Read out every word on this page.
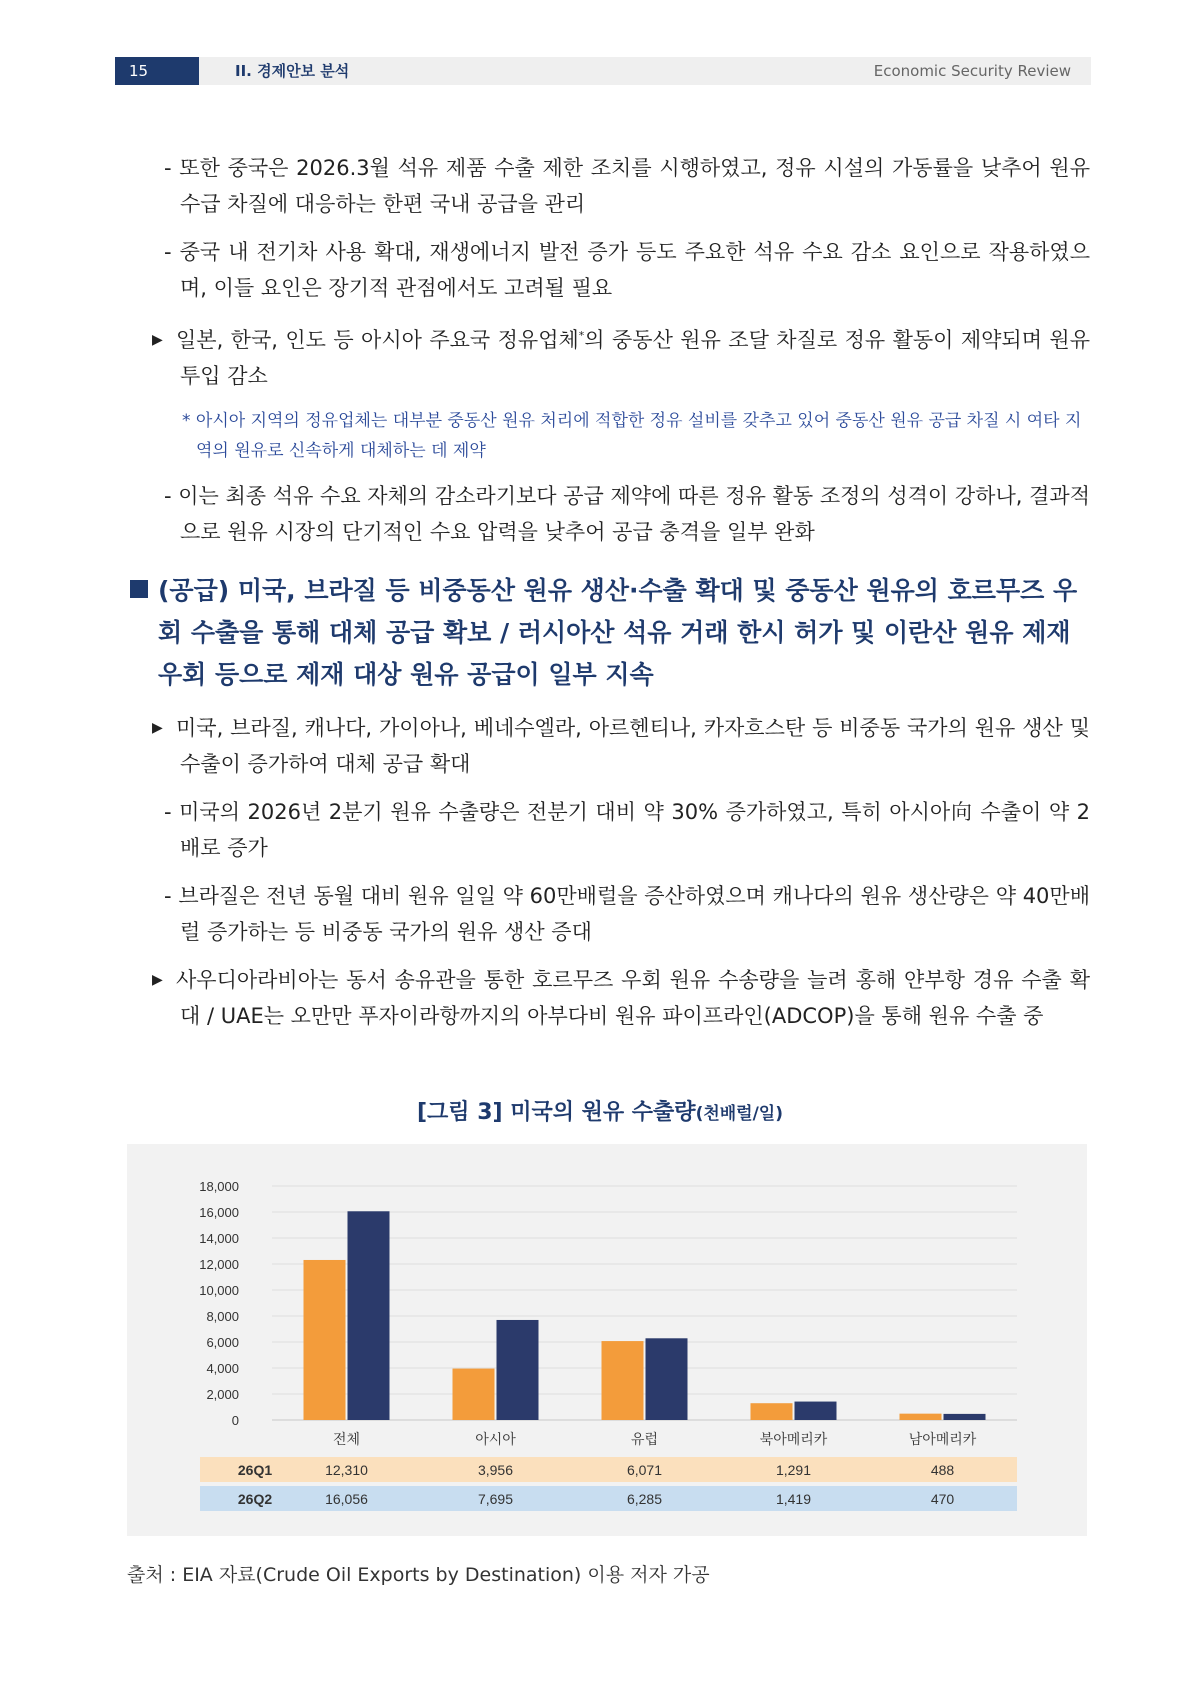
15	II. 경제안보 분석	Economic Security Review
- 또한 중국은 2026.3월 석유 제품 수출 제한 조치를 시행하였고, 정유 시설의 가동률을 낮추어 원유 수급 차질에 대응하는 한편 국내 공급을 관리
- 중국 내 전기차 사용 확대, 재생에너지 발전 증가 등도 주요한 석유 수요 감소 요인으로 작용하였으며, 이들 요인은 장기적 관점에서도 고려될 필요
▶ 일본, 한국, 인도 등 아시아 주요국 정유업체*의 중동산 원유 조달 차질로 정유 활동이 제약되며 원유 투입 감소
* 아시아 지역의 정유업체는 대부분 중동산 원유 처리에 적합한 정유 설비를 갖추고 있어 중동산 원유 공급 차질 시 여타 지역의 원유로 신속하게 대체하는 데 제약
- 이는 최종 석유 수요 자체의 감소라기보다 공급 제약에 따른 정유 활동 조정의 성격이 강하나, 결과적으로 원유 시장의 단기적인 수요 압력을 낮추어 공급 충격을 일부 완화
(공급) 미국, 브라질 등 비중동산 원유 생산·수출 확대 및 중동산 원유의 호르무즈 우회 수출을 통해 대체 공급 확보 / 러시아산 석유 거래 한시 허가 및 이란산 원유 제재 우회 등으로 제재 대상 원유 공급이 일부 지속
▶ 미국, 브라질, 캐나다, 가이아나, 베네수엘라, 아르헨티나, 카자흐스탄 등 비중동 국가의 원유 생산 및 수출이 증가하여 대체 공급 확대
- 미국의 2026년 2분기 원유 수출량은 전분기 대비 약 30% 증가하였고, 특히 아시아向 수출이 약 2배로 증가
- 브라질은 전년 동월 대비 원유 일일 약 60만배럴을 증산하였으며 캐나다의 원유 생산량은 약 40만배럴 증가하는 등 비중동 국가의 원유 생산 증대
▶ 사우디아라비아는 동서 송유관을 통한 호르무즈 우회 원유 수송량을 늘려 홍해 얀부항 경유 수출 확대 / UAE는 오만만 푸자이라항까지의 아부다비 원유 파이프라인(ADCOP)을 통해 원유 수출 중
[그림 3] 미국의 원유 수출량(천배럴/일)
18,000
16,000
14,000
12,000
10,000
8,000
6,000
4,000
2,000
0
전체	아시아	유럽	북아메리카	남아메리카
26Q1	12,310	3,956	6,071	1,291	488
26Q2	16,056	7,695	6,285	1,419	470
출처 : EIA 자료(Crude Oil Exports by Destination) 이용 저자 가공
